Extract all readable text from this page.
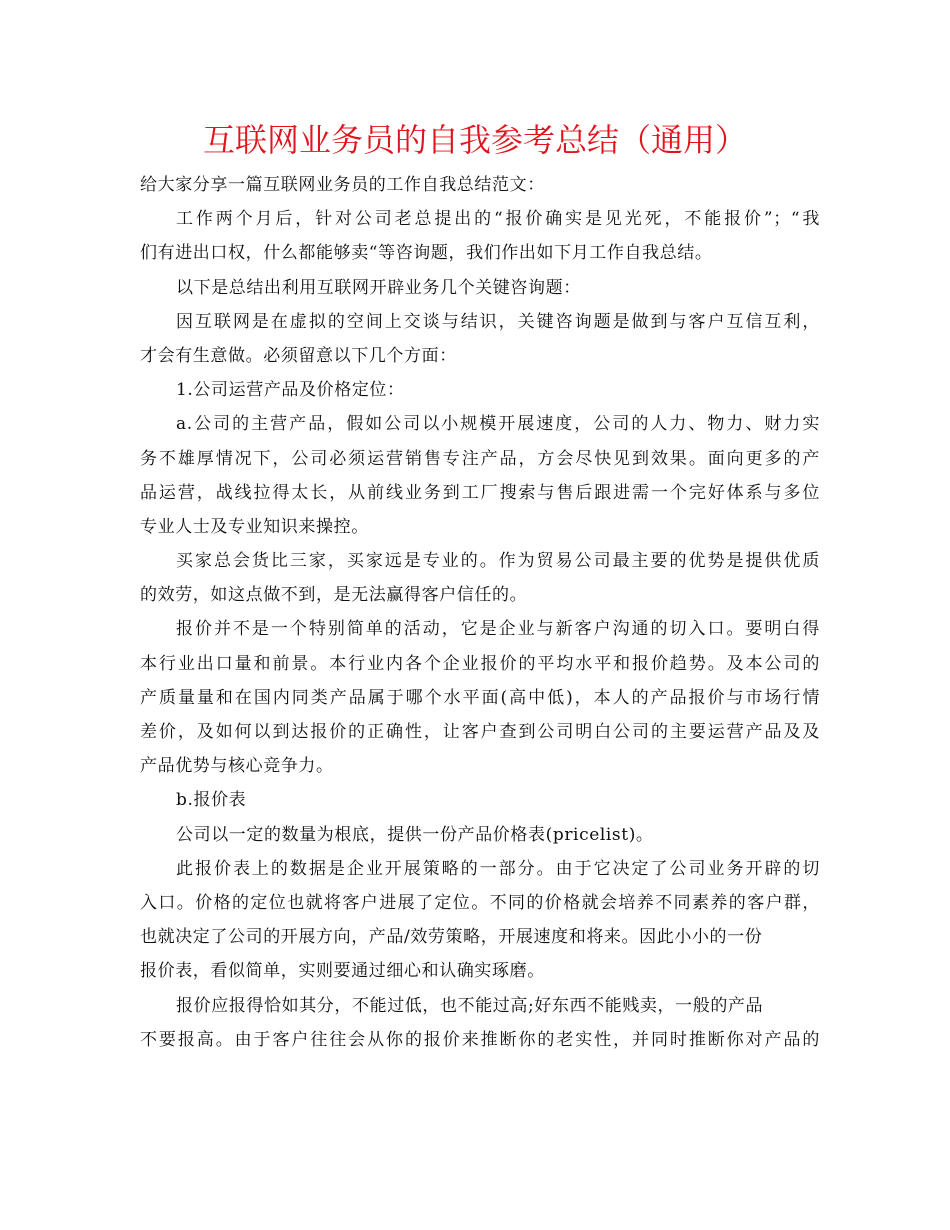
互联网业务员的自我参考总结（通用）

给大家分享一篇互联网业务员的工作自我总结范文：

工作两个月后，针对公司老总提出的“报价确实是见光死，不能报价”；“我

们有进出口权，什么都能够卖“等咨询题，我们作出如下月工作自我总结。

以下是总结出利用互联网开辟业务几个关键咨询题：

因互联网是在虚拟的空间上交谈与结识，关键咨询题是做到与客户互信互利，

才会有生意做。必须留意以下几个方面：

1.公司运营产品及价格定位：

a.公司的主营产品，假如公司以小规模开展速度，公司的人力、物力、财力实

务不雄厚情况下，公司必须运营销售专注产品，方会尽快见到效果。面向更多的产

品运营，战线拉得太长，从前线业务到工厂搜索与售后跟进需一个完好体系与多位

专业人士及专业知识来操控。

买家总会货比三家，买家远是专业的。作为贸易公司最主要的优势是提供优质

的效劳，如这点做不到，是无法赢得客户信任的。

报价并不是一个特别简单的活动，它是企业与新客户沟通的切入口。要明白得

本行业出口量和前景。本行业内各个企业报价的平均水平和报价趋势。及本公司的

产质量量和在国内同类产品属于哪个水平面(高中低)，本人的产品报价与市场行情

差价，及如何以到达报价的正确性，让客户查到公司明白公司的主要运营产品及及

产品优势与核心竞争力。

b.报价表

公司以一定的数量为根底，提供一份产品价格表(pricelist)。

此报价表上的数据是企业开展策略的一部分。由于它决定了公司业务开辟的切

入口。价格的定位也就将客户进展了定位。不同的价格就会培养不同素养的客户群，

也就决定了公司的开展方向，产品/效劳策略，开展速度和将来。因此小小的一份

报价表，看似简单，实则要通过细心和认确实琢磨。

报价应报得恰如其分，不能过低，也不能过高;好东西不能贱卖，一般的产品

不要报高。由于客户往往会从你的报价来推断你的老实性，并同时推断你对产品的
